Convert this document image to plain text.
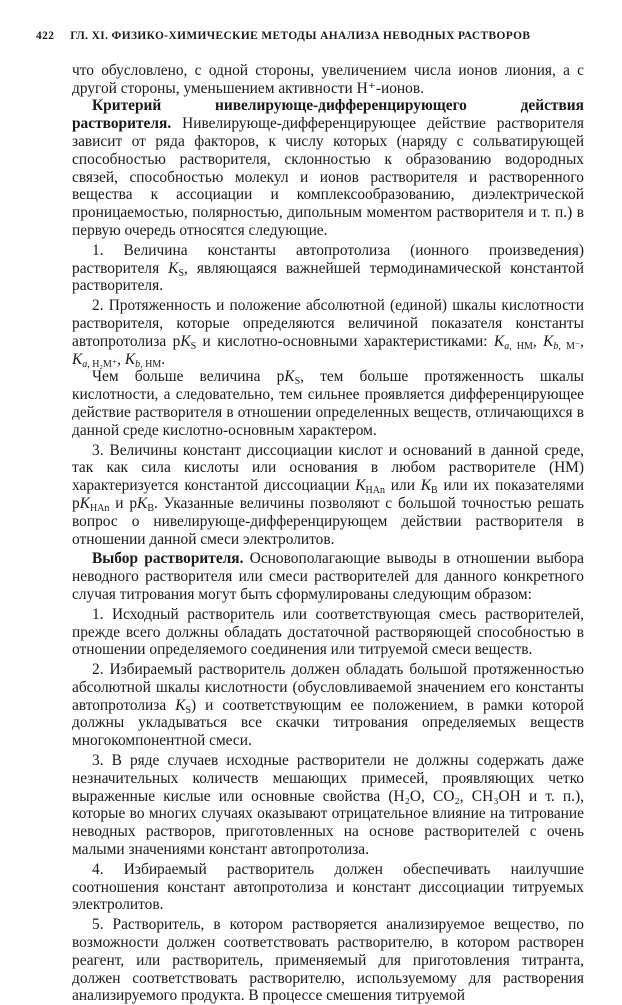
422 ГЛ. XI. ФИЗИКО-ХИМИЧЕСКИЕ МЕТОДЫ АНАЛИЗА НЕВОДНЫХ РАСТВОРОВ

что обусловлено, с одной стороны, увеличением числа ионов лиония, а с другой стороны, уменьшением активности H⁺-ионов.

Критерий нивелирующе-дифференцирующего действия растворителя. Нивелирующе-дифференцирующее действие растворителя зависит от ряда факторов, к числу которых (наряду с сольватирующей способностью растворителя, склонностью к образованию водородных связей, способностью молекул и ионов растворителя и растворенного вещества к ассоциации и комплексообразованию, диэлектрической проницаемостью, полярностью, дипольным моментом растворителя и т. п.) в первую очередь относятся следующие.

1. Величина константы автопротолиза (ионного произведения) растворителя $K_S$, являющаяся важнейшей термодинамической константой растворителя.

2. Протяженность и положение абсолютной (единой) шкалы кислотности растворителя, которые определяются величиной показателя константы автопротолиза $pK_S$ и кислотно-основными характеристиками: $K_{a, HM}$, $K_{b, M^-}$, $K_{a, H_2M^+}$, $K_{b, HM}$.

Чем больше величина $pK_S$, тем больше протяженность шкалы кислотности, а следовательно, тем сильнее проявляется дифференцирующее действие растворителя в отношении определенных веществ, отличающихся в данной среде кислотно-основным характером.

3. Величины констант диссоциации кислот и оснований в данной среде, так как сила кислоты или основания в любом растворителе (HM) характеризуется константой диссоциации $K_{HAn}$ или $K_B$ или их показателями $pK_{HAn}$ и $pK_B$. Указанные величины позволяют с большой точностью решать вопрос о нивелирующе-дифференцирующем действии растворителя в отношении данной смеси электролитов.

Выбор растворителя. Основополагающие выводы в отношении выбора неводного растворителя или смеси растворителей для данного конкретного случая титрования могут быть сформулированы следующим образом:

1. Исходный растворитель или соответствующая смесь растворителей, прежде всего должны обладать достаточной растворяющей способностью в отношении определяемого соединения или титруемой смеси веществ.

2. Избираемый растворитель должен обладать большой протяженностью абсолютной шкалы кислотности (обусловливаемой значением его константы автопротолиза $K_S$) и соответствующим ее положением, в рамки которой должны укладываться все скачки титрования определяемых веществ многокомпонентной смеси.

3. В ряде случаев исходные растворители не должны содержать даже незначительных количеств мешающих примесей, проявляющих четко выраженные кислые или основные свойства (H₂O, CO₂, CH₃OH и т. п.), которые во многих случаях оказывают отрицательное влияние на титрование неводных растворов, приготовленных на основе растворителей с очень малыми значениями констант автопротолиза.

4. Избираемый растворитель должен обеспечивать наилучшие соотношения констант автопротолиза и констант диссоциации титруемых электролитов.

5. Растворитель, в котором растворяется анализируемое вещество, по возможности должен соответствовать растворителю, в котором растворен реагент, или растворитель, применяемый для приготовления титранта, должен соответствовать растворителю, используемому для растворения анализируемого продукта. В процессе смешения титруемой
